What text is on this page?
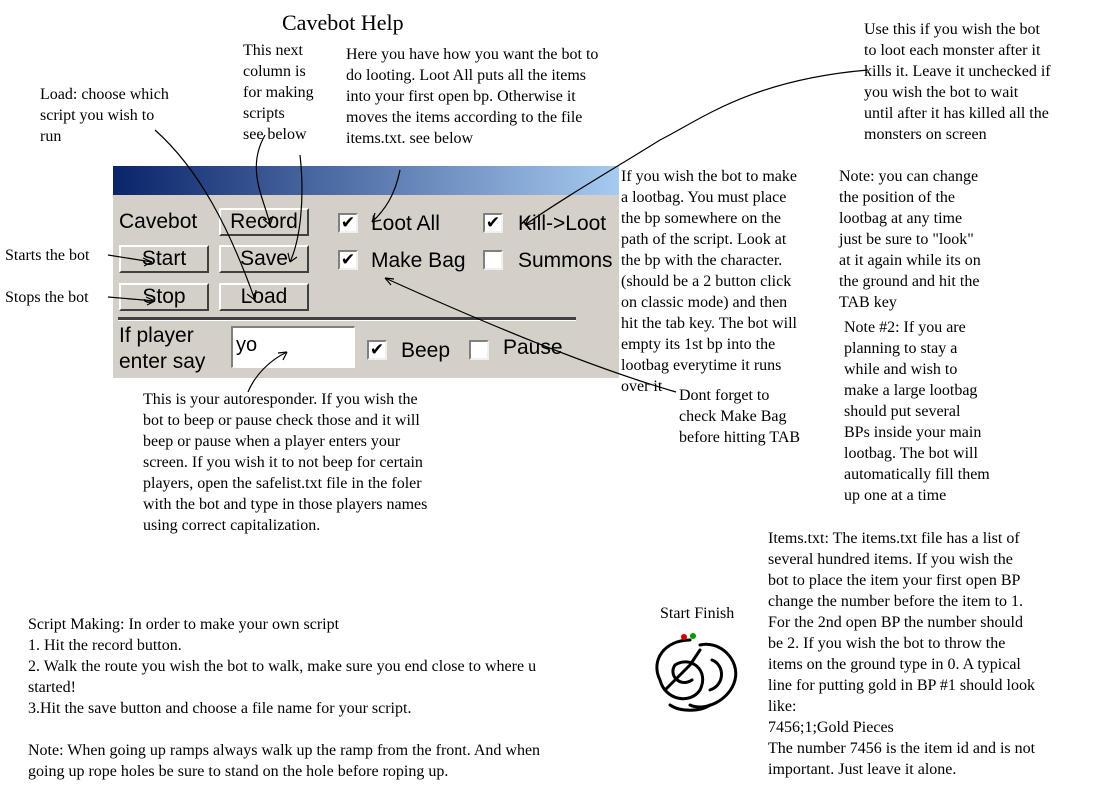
Cavebot Help
Load: choose which
script you wish to
run
This next
column is
for making
scripts
see below
Here you have how you want the bot to
do looting. Loot All puts all the items
into your first open bp. Otherwise it
moves the items according to the file
items.txt. see below
Use this if you wish the bot
to loot each monster after it
kills it. Leave it unchecked if
you wish the bot to wait
until after it has killed all the
monsters on screen
Starts the bot
Stops the bot
If you wish the bot to make
a lootbag. You must place
the bp somewhere on the
path of the script. Look at
the bp with the character.
(should be a 2 button click
on classic mode) and then
hit the tab key. The bot will
empty its 1st bp into the
lootbag everytime it runs
over it
Note: you can change
the position of the
lootbag at any time
just be sure to "look"
at it again while its on
the ground and hit the
TAB key
Note #2: If you are
planning to stay a
while and wish to
make a large lootbag
should put several
BPs inside your main
lootbag. The bot will
automatically fill them
up one at a time
Dont forget to
check Make Bag
before hitting TAB
This is your autoresponder. If you wish the
bot to beep or pause check those and it will
beep or pause when a player enters your
screen. If you wish it to not beep for certain
players, open the safelist.txt file in the foler
with the bot and type in those players names
using correct capitalization.
Items.txt: The items.txt file has a list of
several hundred items. If you wish the
bot to place the item your first open BP
change the number before the item to 1.
For the 2nd open BP the number should
be 2. If you wish the bot to throw the
items on the ground type in 0. A typical
line for putting gold in BP #1 should look
like:
7456;1;Gold Pieces
The number 7456 is the item id and is not
important. Just leave it alone.
Start Finish
Script Making: In order to make your own script
1. Hit the record button.
2. Walk the route you wish the bot to walk, make sure you end close to where u
started!
3.Hit the save button and choose a file name for your script.

Note: When going up ramps always walk up the ramp from the front. And when
going up rope holes be sure to stand on the hole before roping up.
Cavebot	Record
Start	Save
Stop	Load
✔ Loot All	✔ Kill->Loot
✔ Make Bag Summons
If player
enter say
yo	✔ Beep	Pause
